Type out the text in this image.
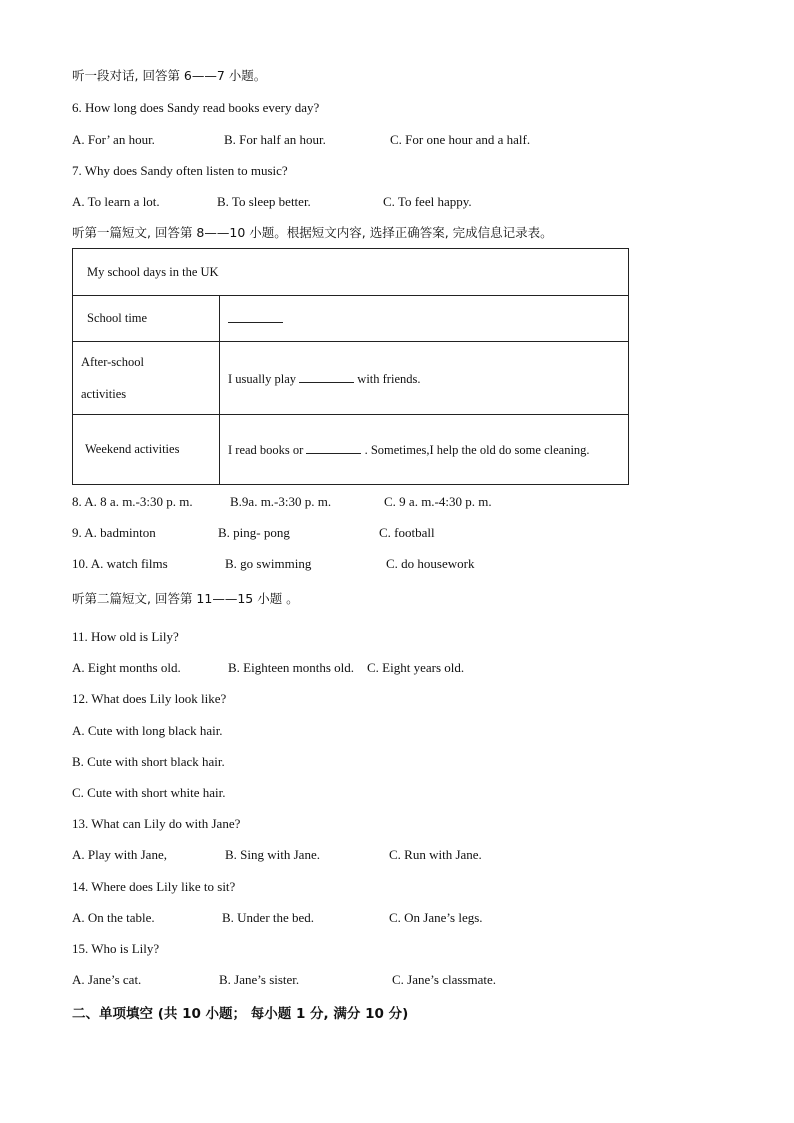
听一段对话, 回答第 6——7 小题。
6. How long does Sandy read books every day?
A. For’ an hour.	B. For half an hour.	C. For one hour and a half.
7. Why does Sandy often listen to music?
A. To learn a lot.	B. To sleep better.	C. To feel happy.
听第一篇短文, 回答第 8——10 小题。根据短文内容, 选择正确答案, 完成信息记录表。
My school days in the UK	
School time	
After-school
activities	I usually play with friends.
Weekend activities	I read books or . Sometimes,I help the old do some cleaning.
8. A. 8 a. m.-3:30 p. m.	B.9a. m.-3:30 p. m.	C. 9 a. m.-4:30 p. m.
9. A. badminton	B. ping- pong	C. football
10. A. watch films	B. go swimming	C. do housework
听第二篇短文, 回答第 11——15 小题 。
11. How old is Lily?
A. Eight months old.	B. Eighteen months old. C. Eight years old.
12. What does Lily look like?
A. Cute with long black hair.
B. Cute with short black hair.
C. Cute with short white hair.
13. What can Lily do with Jane?
A. Play with Jane,	B. Sing with Jane.	C. Run with Jane.
14. Where does Lily like to sit?
A. On the table.	B. Under the bed.	C. On Jane’s legs.
15. Who is Lily?
A. Jane’s cat.	B. Jane’s sister.	C. Jane’s classmate.
二、单项填空 (共 10 小题； 每小题 1 分, 满分 10 分)
